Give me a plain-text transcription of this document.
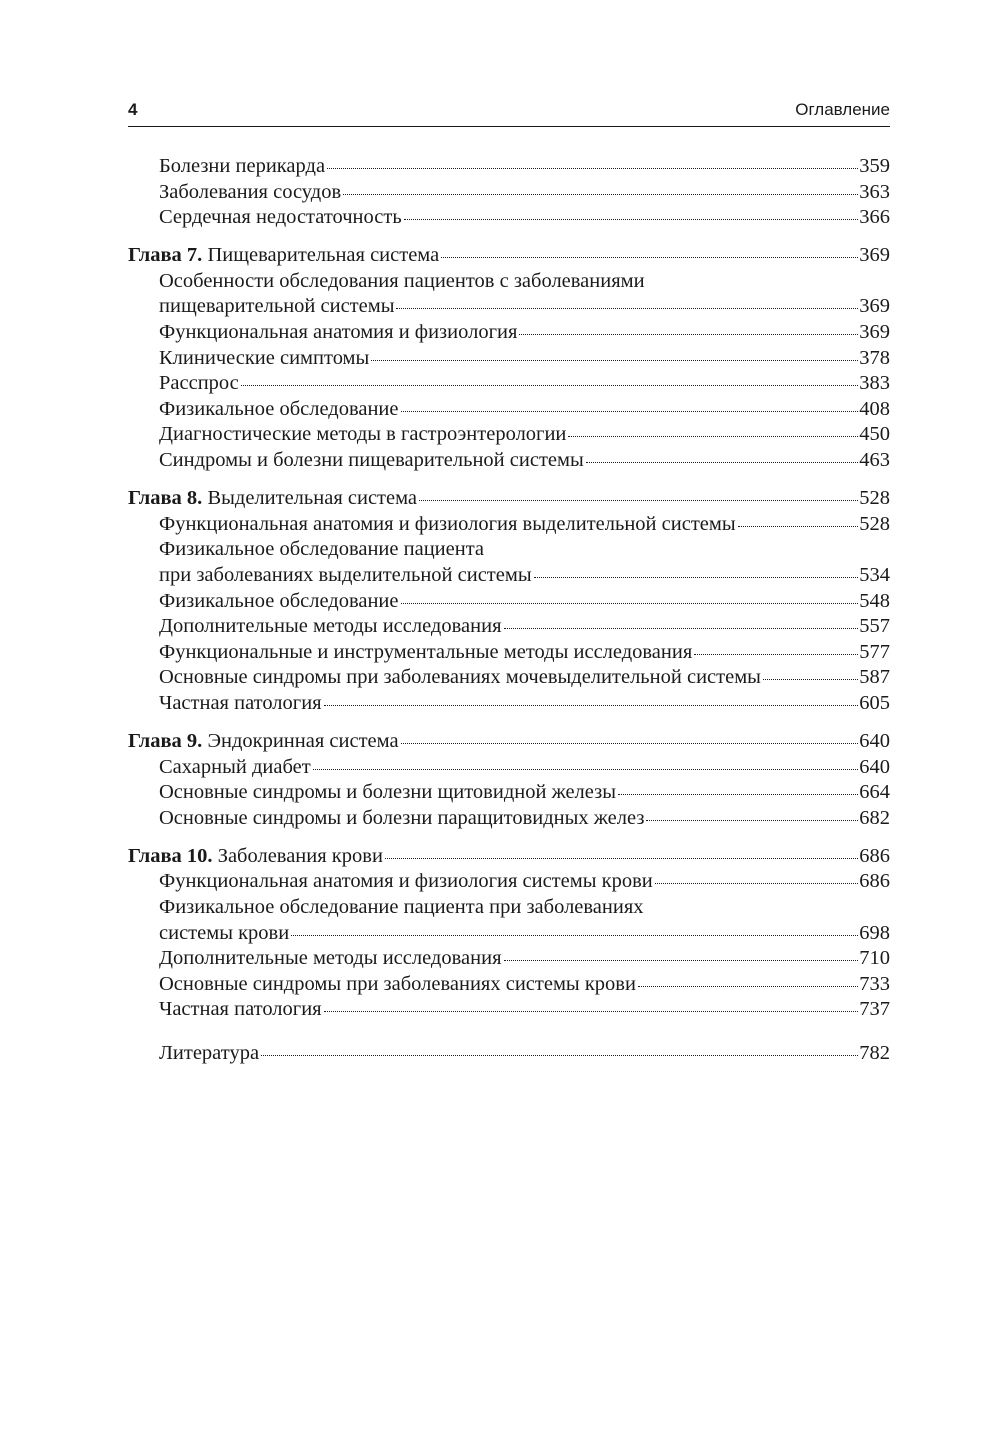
4	Оглавление
Болезни перикарда	359
Заболевания сосудов	363
Сердечная недостаточность	366
Глава 7. Пищеварительная система	369
Особенности обследования пациентов с заболеваниями
пищеварительной системы	369
Функциональная анатомия и физиология	369
Клинические симптомы	378
Расспрос	383
Физикальное обследование	408
Диагностические методы в гастроэнтерологии	450
Синдромы и болезни пищеварительной системы	463
Глава 8. Выделительная система	528
Функциональная анатомия и физиология выделительной системы	528
Физикальное обследование пациента
при заболеваниях выделительной системы	534
Физикальное обследование	548
Дополнительные методы исследования	557
Функциональные и инструментальные методы исследования	577
Основные синдромы при заболеваниях мочевыделительной системы	587
Частная патология	605
Глава 9. Эндокринная система	640
Сахарный диабет	640
Основные синдромы и болезни щитовидной железы	664
Основные синдромы и болезни паращитовидных желез	682
Глава 10. Заболевания крови	686
Функциональная анатомия и физиология системы крови	686
Физикальное обследование пациента при заболеваниях
системы крови	698
Дополнительные методы исследования	710
Основные синдромы при заболеваниях системы крови	733
Частная патология	737
Литература	782
